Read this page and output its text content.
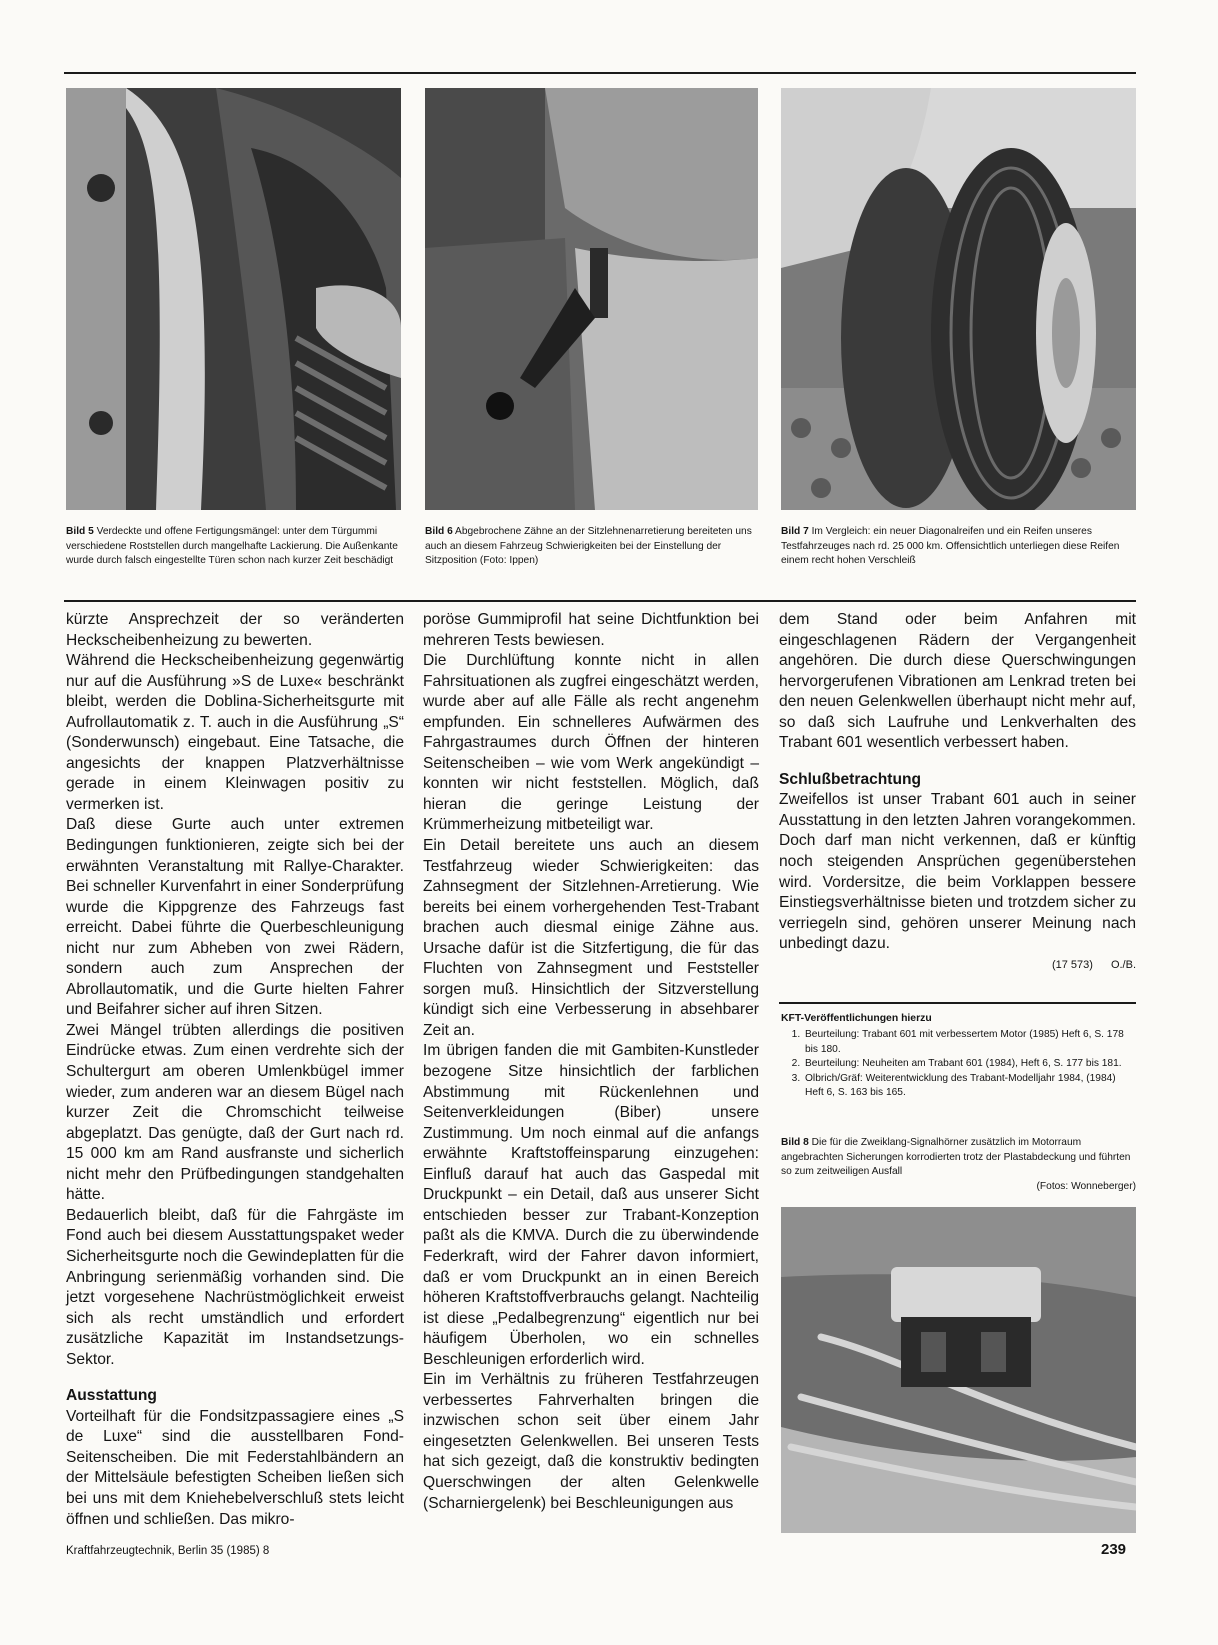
Bild 5 Verdeckte und offene Fertigungsmängel: unter dem Türgummi verschiedene Roststellen durch mangelhafte Lackierung. Die Außenkante wurde durch falsch eingestellte Türen schon nach kurzer Zeit beschädigt
Bild 6 Abgebrochene Zähne an der Sitzlehnenarretierung bereiteten uns auch an diesem Fahrzeug Schwierigkeiten bei der Einstellung der Sitzposition (Foto: Ippen)
Bild 7 Im Vergleich: ein neuer Diagonalreifen und ein Reifen unseres Testfahrzeuges nach rd. 25 000 km. Offensichtlich unterliegen diese Reifen einem recht hohen Verschleiß

kürzte Ansprechzeit der so veränderten Heckscheibenheizung zu bewerten.

Während die Heckscheibenheizung gegenwärtig nur auf die Ausführung »S de Luxe« beschränkt bleibt, werden die Doblina-Sicherheitsgurte mit Aufrollautomatik z. T. auch in die Ausführung „S“ (Sonderwunsch) eingebaut. Eine Tatsache, die angesichts der knappen Platzverhältnisse gerade in einem Kleinwagen positiv zu vermerken ist.

Daß diese Gurte auch unter extremen Bedingungen funktionieren, zeigte sich bei der erwähnten Veranstaltung mit Rallye-Charakter. Bei schneller Kurvenfahrt in einer Sonderprüfung wurde die Kippgrenze des Fahrzeugs fast erreicht. Dabei führte die Querbeschleunigung nicht nur zum Abheben von zwei Rädern, sondern auch zum Ansprechen der Abrollautomatik, und die Gurte hielten Fahrer und Beifahrer sicher auf ihren Sitzen.

Zwei Mängel trübten allerdings die positiven Eindrücke etwas. Zum einen verdrehte sich der Schultergurt am oberen Umlenkbügel immer wieder, zum anderen war an diesem Bügel nach kurzer Zeit die Chromschicht teilweise abgeplatzt. Das genügte, daß der Gurt nach rd. 15 000 km am Rand ausfranste und sicherlich nicht mehr den Prüfbedingungen standgehalten hätte.

Bedauerlich bleibt, daß für die Fahrgäste im Fond auch bei diesem Ausstattungspaket weder Sicherheitsgurte noch die Gewindeplatten für die Anbringung serienmäßig vorhanden sind. Die jetzt vorgesehene Nachrüstmöglichkeit erweist sich als recht umständlich und erfordert zusätzliche Kapazität im Instandsetzungs-Sektor.

Ausstattung

Vorteilhaft für die Fondsitzpassagiere eines „S de Luxe“ sind die ausstellbaren Fond-Seitenscheiben. Die mit Federstahlbändern an der Mittelsäule befestigten Scheiben ließen sich bei uns mit dem Kniehebelverschluß stets leicht öffnen und schließen. Das mikro-

poröse Gummiprofil hat seine Dichtfunktion bei mehreren Tests bewiesen.

Die Durchlüftung konnte nicht in allen Fahrsituationen als zugfrei eingeschätzt werden, wurde aber auf alle Fälle als recht angenehm empfunden. Ein schnelleres Aufwärmen des Fahrgastraumes durch Öffnen der hinteren Seitenscheiben – wie vom Werk angekündigt – konnten wir nicht feststellen. Möglich, daß hieran die geringe Leistung der Krümmerheizung mitbeteiligt war.

Ein Detail bereitete uns auch an diesem Testfahrzeug wieder Schwierigkeiten: das Zahnsegment der Sitzlehnen-Arretierung. Wie bereits bei einem vorhergehenden Test-Trabant brachen auch diesmal einige Zähne aus. Ursache dafür ist die Sitzfertigung, die für das Fluchten von Zahnsegment und Feststeller sorgen muß. Hinsichtlich der Sitzverstellung kündigt sich eine Verbesserung in absehbarer Zeit an.

Im übrigen fanden die mit Gambiten-Kunstleder bezogene Sitze hinsichtlich der farblichen Abstimmung mit Rückenlehnen und Seitenverkleidungen (Biber) unsere Zustimmung. Um noch einmal auf die anfangs erwähnte Kraftstoffeinsparung einzugehen: Einfluß darauf hat auch das Gaspedal mit Druckpunkt – ein Detail, daß aus unserer Sicht entschieden besser zur Trabant-Konzeption paßt als die KMVA. Durch die zu überwindende Federkraft, wird der Fahrer davon informiert, daß er vom Druckpunkt an in einen Bereich höheren Kraftstoffverbrauchs gelangt. Nachteilig ist diese „Pedalbegrenzung“ eigentlich nur bei häufigem Überholen, wo ein schnelles Beschleunigen erforderlich wird.

Ein im Verhältnis zu früheren Testfahrzeugen verbessertes Fahrverhalten bringen die inzwischen schon seit über einem Jahr eingesetzten Gelenkwellen. Bei unseren Tests hat sich gezeigt, daß die konstruktiv bedingten Querschwingen der alten Gelenkwelle (Scharniergelenk) bei Beschleunigungen aus

dem Stand oder beim Anfahren mit eingeschlagenen Rädern der Vergangenheit angehören. Die durch diese Querschwingungen hervorgerufenen Vibrationen am Lenkrad treten bei den neuen Gelenkwellen überhaupt nicht mehr auf, so daß sich Laufruhe und Lenkverhalten des Trabant 601 wesentlich verbessert haben.

Schlußbetrachtung

Zweifellos ist unser Trabant 601 auch in seiner Ausstattung in den letzten Jahren vorangekommen. Doch darf man nicht verkennen, daß er künftig noch steigenden Ansprüchen gegenüberstehen wird. Vordersitze, die beim Vorklappen bessere Einstiegsverhältnisse bieten und trotzdem sicher zu verriegeln sind, gehören unserer Meinung nach unbedingt dazu.

(17 573) O./B.
KFT-Veröffentlichungen hierzu
1. Beurteilung: Trabant 601 mit verbessertem Motor (1985) Heft 6, S. 178 bis 180.
2. Beurteilung: Neuheiten am Trabant 601 (1984), Heft 6, S. 177 bis 181.
3. Olbrich/Gräf: Weiterentwicklung des Trabant-Modelljahr 1984, (1984) Heft 6, S. 163 bis 165.
Bild 8 Die für die Zweiklang-Signalhörner zusätzlich im Motorraum angebrachten Sicherungen korrodierten trotz der Plastabdeckung und führten so zum zeitweiligen Ausfall
(Fotos: Wonneberger)
Kraftfahrzeugtechnik, Berlin 35 (1985) 8	239
